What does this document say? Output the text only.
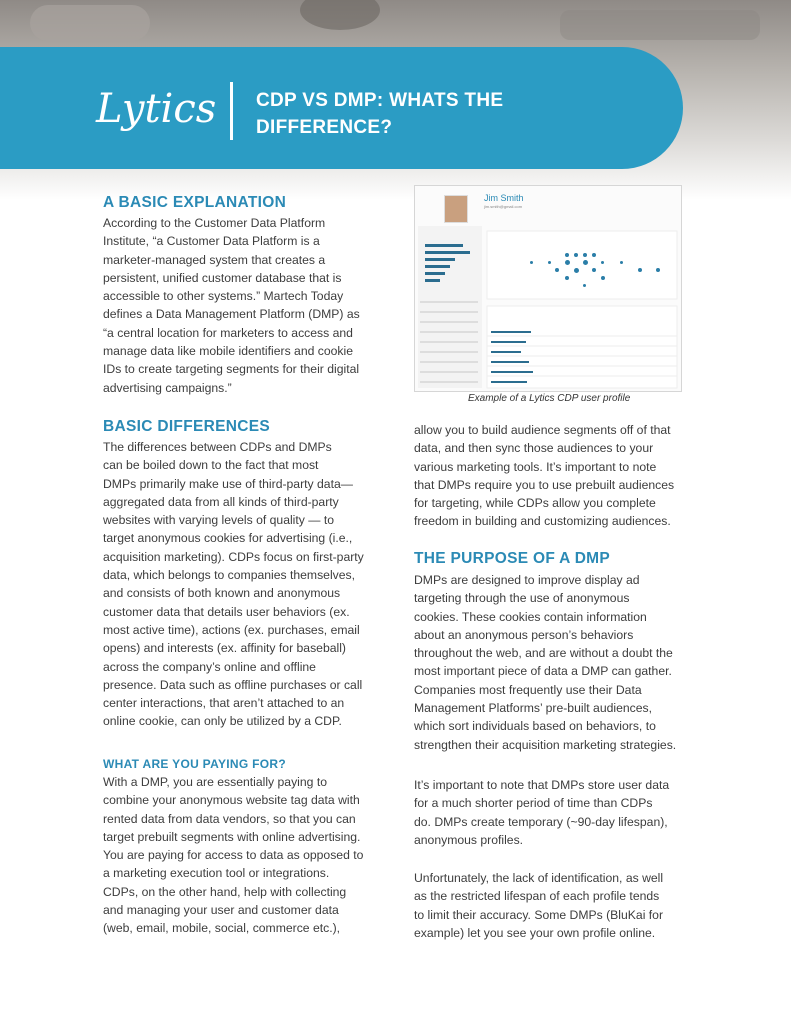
Lytics CDP VS DMP: WHATS THE DIFFERENCE?
A BASIC EXPLANATION
According to the Customer Data Platform
Institute, “a Customer Data Platform is a
marketer-managed system that creates a
persistent, unified customer database that is
accessible to other systems.” Martech Today
defines a Data Management Platform (DMP) as
“a central location for marketers to access and
manage data like mobile identifiers and cookie
IDs to create targeting segments for their digital
advertising campaigns.”
BASIC DIFFERENCES
The differences between CDPs and DMPs
can be boiled down to the fact that most
DMPs primarily make use of third-party data—
aggregated data from all kinds of third-party
websites with varying levels of quality — to
target anonymous cookies for advertising (i.e.,
acquisition marketing). CDPs focus on first-party
data, which belongs to companies themselves,
and consists of both known and anonymous
customer data that details user behaviors (ex.
most active time), actions (ex. purchases, email
opens) and interests (ex. affinity for baseball)
across the company’s online and offline
presence. Data such as offline purchases or call
center interactions, that aren’t attached to an
online cookie, can only be utilized by a CDP.
WHAT ARE YOU PAYING FOR?
With a DMP, you are essentially paying to
combine your anonymous website tag data with
rented data from data vendors, so that you can
target prebuilt segments with online advertising.
You are paying for access to data as opposed to
a marketing execution tool or integrations.
CDPs, on the other hand, help with collecting
and managing your user and customer data
(web, email, mobile, social, commerce etc.),
Jim Smith
jim.smith@gmail.com
Example of a Lytics CDP user profile
allow you to build audience segments off of that
data, and then sync those audiences to your
various marketing tools. It’s important to note
that DMPs require you to use prebuilt audiences
for targeting, while CDPs allow you complete
freedom in building and customizing audiences.
THE PURPOSE OF A DMP
DMPs are designed to improve display ad
targeting through the use of anonymous
cookies. These cookies contain information
about an anonymous person’s behaviors
throughout the web, and are without a doubt the
most important piece of data a DMP can gather.
Companies most frequently use their Data
Management Platforms’ pre-built audiences,
which sort individuals based on behaviors, to
strengthen their acquisition marketing strategies.
It’s important to note that DMPs store user data
for a much shorter period of time than CDPs
do. DMPs create temporary (~90-day lifespan),
anonymous profiles.
Unfortunately, the lack of identification, as well
as the restricted lifespan of each profile tends
to limit their accuracy. Some DMPs (BluKai for
example) let you see your own profile online.
